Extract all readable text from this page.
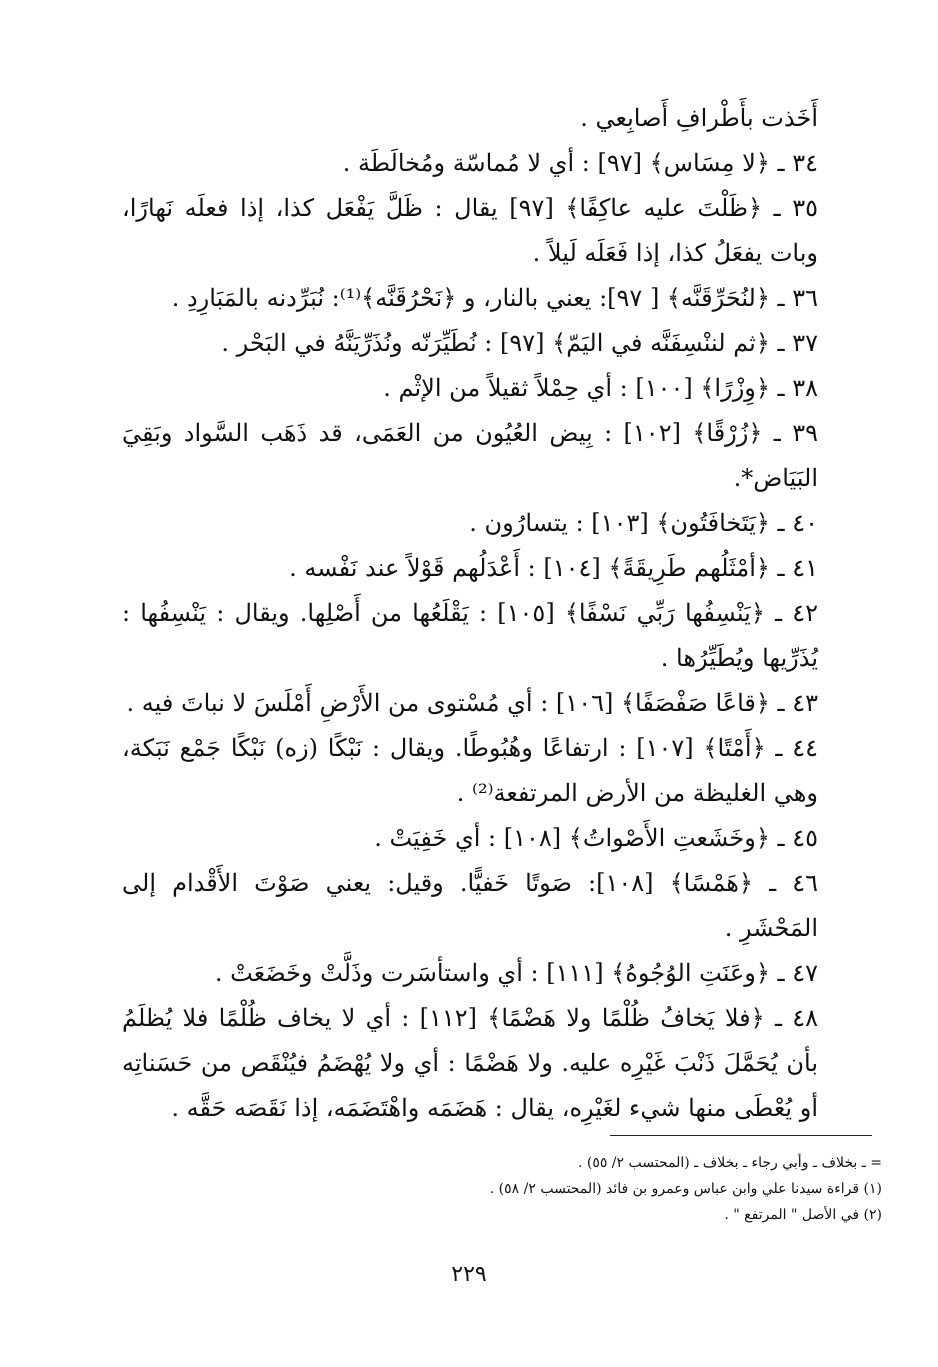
أَخَذت بأَطْرافِ أَصابِعي .
٣٤ ـ ﴿لا مِسَاس﴾ [٩٧] : أي لا مُماسّة ومُخالَطَة .
٣٥ ـ ﴿ظَلْتَ عليه عاكِفًا﴾ [٩٧] يقال : ظَلَّ يَفْعَل كذا، إذا فعلَه نَهارًا، وبات يفعَلُ كذا، إذا فَعَلَه لَيلاً .
٣٦ ـ ﴿لنُحَرِّقَنَّه﴾ [ ٩٧]: يعني بالنار، و ﴿نَحْرُقَنَّه﴾⁽¹⁾: نُبَرِّدنه بالمَبَارِدِ .
٣٧ ـ ﴿ثم لننْسِفَنَّه في اليَمّ﴾ [٩٧] : نُطَيِّرَنّه ونُذَرِّيَنَّهُ في البَحْر .
٣٨ ـ ﴿وِزْرًا﴾ [١٠٠] : أي حِمْلاً ثقيلاً من الإثْم .
٣٩ ـ ﴿زُرْقًا﴾ [١٠٢] : بِيض العُيُون من العَمَى، قد ذَهَب السَّواد وبَقِيَ البَيَاض*.
٤٠ ـ ﴿يَتَخافَتُون﴾ [١٠٣] : يتسارُون .
٤١ ـ ﴿أمْثَلُهم طَرِيقَةً﴾ [١٠٤] : أَعْدَلُهم قَوْلاً عند نَفْسه .
٤٢ ـ ﴿يَنْسِفُها رَبِّي نَسْفًا﴾ [١٠٥] : يَقْلَعُها من أَصْلِها. ويقال : يَنْسِفُها : يُذَرِّيها ويُطَيِّرُها .
٤٣ ـ ﴿قاعًا صَفْصَفًا﴾ [١٠٦] : أي مُسْتوى من الأَرْضِ أَمْلَسَ لا نباتَ فيه .
٤٤ ـ ﴿أَمْتًا﴾ [١٠٧] : ارتفاعًا وهُبُوطًا. ويقال : نَبْكًا (زه) نَبْكًا جَمْع نَبَكة، وهي الغليظة من الأرض المرتفعة⁽²⁾ .
٤٥ ـ ﴿وخَشَعتِ الأَصْواتُ﴾ [١٠٨] : أي خَفِيَتْ .
٤٦ ـ ﴿هَمْسًا﴾ [١٠٨]: صَوتًا خَفيًّا. وقيل: يعني صَوْتَ الأَقْدام إلى المَحْشَرِ .
٤٧ ـ ﴿وعَنَتِ الوُجُوهُ﴾ [١١١] : أي واستأسَرت وذَلَّتْ وخَضَعَتْ .
٤٨ ـ ﴿فلا يَخافُ ظُلْمًا ولا هَضْمًا﴾ [١١٢] : أي لا يخاف ظُلْمًا فلا يُظلَمُ بأن يُحَمَّلَ ذَنْبَ غَيْرِه عليه. ولا هَضْمًا : أي ولا يُهْضَمُ فيُنْقَص من حَسَناتِه أو يُعْطَى منها شيء لغَيْرِه، يقال : هَضَمَه واهْتَضَمَه، إذا نَقَصَه حَقَّه .
= ـ بخلاف ـ وأبي رجاء ـ بخلاف ـ (المحتسب ٢/ ٥٥) .
(١) قراءة سيدنا علي وابن عباس وعمرو بن فائد (المحتسب ٢/ ٥٨) .
(٢) في الأصل " المرتفع " .
٢٢٩
